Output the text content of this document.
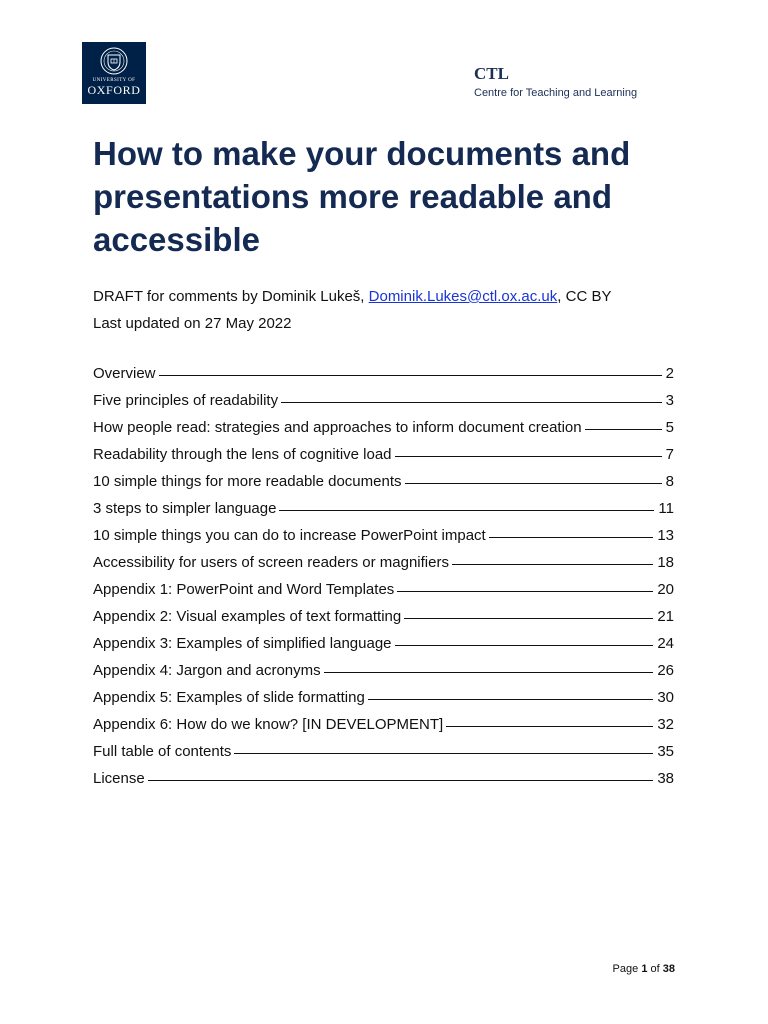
UNIVERSITY OF
OXFORD
CTL
Centre for Teaching and Learning
How to make your documents and presentations more readable and accessible
DRAFT for comments by Dominik Lukeš, Dominik.Lukes@ctl.ox.ac.uk, CC BY
Last updated on 27 May 2022
Overview	2
Five principles of readability	3
How people read: strategies and approaches to inform document creation	5
Readability through the lens of cognitive load	7
10 simple things for more readable documents	8
3 steps to simpler language	11
10 simple things you can do to increase PowerPoint impact	13
Accessibility for users of screen readers or magnifiers	18
Appendix 1: PowerPoint and Word Templates	20
Appendix 2: Visual examples of text formatting	21
Appendix 3: Examples of simplified language	24
Appendix 4: Jargon and acronyms	26
Appendix 5: Examples of slide formatting	30
Appendix 6: How do we know? [IN DEVELOPMENT]	32
Full table of contents	35
License	38
Page 1 of 38
